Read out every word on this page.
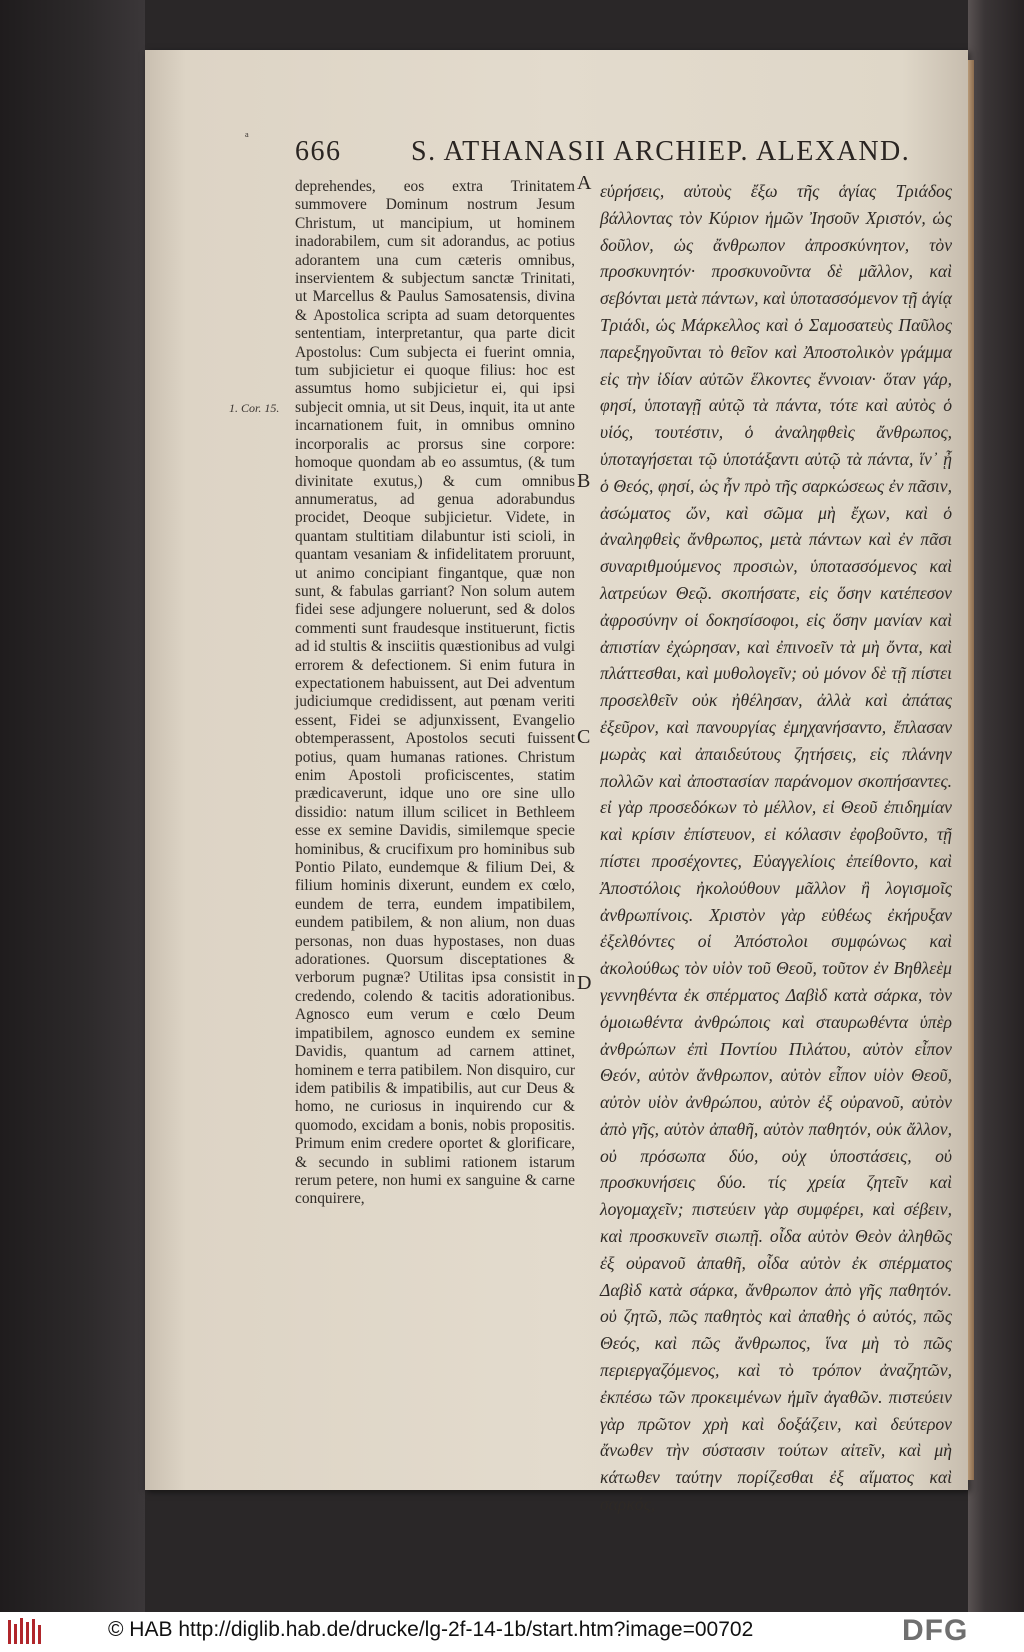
ᵃ 666 S. ATHANASII ARCHIEP. ALEXAND.
1. Cor. 15.

deprehendes, eos extra Trinitatem summovere Dominum nostrum Jesum Christum, ut mancipium, ut hominem inadorabilem, cum sit adorandus, ac potius adorantem una cum cæteris omnibus, inservientem & subjectum sanctæ Trinitati, ut Marcellus & Paulus Samosatensis, divina & Apostolica scripta ad suam detorquentes sententiam, interpretantur, qua parte dicit Apostolus: Cum subjecta ei fuerint omnia, tum subjicietur ei quoque filius: hoc est assumtus homo subjicietur ei, qui ipsi subjecit omnia, ut sit Deus, inquit, ita ut ante incarnationem fuit, in omnibus omnino incorporalis ac prorsus sine corpore: homoque quondam ab eo assumtus, (& tum divinitate exutus,) & cum omnibus annumeratus, ad genua adorabundus procidet, Deoque subjicietur. Videte, in quantam stultitiam dilabuntur isti scioli, in quantam vesaniam & infidelitatem proruunt, ut animo concipiant fingantque, quæ non sunt, & fabulas garriant? Non solum autem fidei sese adjungere noluerunt, sed & dolos commenti sunt fraudesque instituerunt, fictis ad id stultis & insciitis quæstionibus ad vulgi errorem & defectionem. Si enim futura in expectationem habuissent, aut Dei adventum judiciumque credidissent, aut pœnam veriti essent, Fidei se adjunxissent, Evangelio obtemperassent, Apostolos secuti fuissent potius, quam humanas rationes. Christum enim Apostoli proficiscentes, statim prædicaverunt, idque uno ore sine ullo dissidio: natum illum scilicet in Bethleem esse ex semine Davidis, similemque specie hominibus, & crucifixum pro hominibus sub Pontio Pilato, eundemque & filium Dei, & filium hominis dixerunt, eundem ex cœlo, eundem de terra, eundem impatibilem, eundem patibilem, & non alium, non duas personas, non duas hypostases, non duas adorationes. Quorsum disceptationes & verborum pugnæ? Utilitas ipsa consistit in credendo, colendo & tacitis adorationibus. Agnosco eum verum e cœlo Deum impatibilem, agnosco eundem ex semine Davidis, quantum ad carnem attinet, hominem e terra patibilem. Non disquiro, cur idem patibilis & impatibilis, aut cur Deus & homo, ne curiosus in inquirendo cur & quomodo, excidam a bonis, nobis propositis. Primum enim credere oportet & glorificare, & secundo in sublimi rationem istarum rerum petere, non humi ex sanguine & carne conquirere,

A
B
C
D

εὑρήσεις, αὐτοὺς ἔξω τῆς ἁγίας Τριάδος βάλλοντας τὸν Κύριον ἡμῶν Ἰησοῦν Χριστόν, ὡς δοῦλον, ὡς ἄνθρωπον ἀπροσκύνητον, τὸν προσκυνητόν· προσκυνοῦντα δὲ μᾶλλον, καὶ σεβόνται μετὰ πάντων, καὶ ὑποτασσόμενον τῇ ἁγίᾳ Τριάδι, ὡς Μάρκελλος καὶ ὁ Σαμοσατεὺς Παῦλος παρεξηγοῦνται τὸ θεῖον καὶ Ἀποστολικὸν γράμμα εἰς τὴν ἰδίαν αὐτῶν ἕλκοντες ἔννοιαν· ὅταν γάρ, φησί, ὑποταγῇ αὐτῷ τὰ πάντα, τότε καὶ αὐτὸς ὁ υἱός, τουτέστιν, ὁ ἀναληφθεὶς ἄνθρωπος, ὑποταγήσεται τῷ ὑποτάξαντι αὐτῷ τὰ πάντα, ἵν᾽ ᾖ ὁ Θεός, φησί, ὡς ἦν πρὸ τῆς σαρκώσεως ἐν πᾶσιν, ἀσώματος ὤν, καὶ σῶμα μὴ ἔχων, καὶ ὁ ἀναληφθεὶς ἄνθρωπος, μετὰ πάντων καὶ ἐν πᾶσι συναριθμούμενος προσιὼν, ὑποτασσόμενος καὶ λατρεύων Θεῷ. σκοπήσατε, εἰς ὅσην κατέπεσον ἀφροσύνην οἱ δοκησίσοφοι, εἰς ὅσην μανίαν καὶ ἀπιστίαν ἐχώρησαν, καὶ ἐπινοεῖν τὰ μὴ ὄντα, καὶ πλάττεσθαι, καὶ μυθολογεῖν; οὐ μόνον δὲ τῇ πίστει προσελθεῖν οὐκ ἠθέλησαν, ἀλλὰ καὶ ἀπάτας ἐξεῦρον, καὶ πανουργίας ἐμηχανήσαντο, ἔπλασαν μωρὰς καὶ ἀπαιδεύτους ζητήσεις, εἰς πλάνην πολλῶν καὶ ἀποστασίαν παράνομον σκοπήσαντες. εἰ γὰρ προσεδόκων τὸ μέλλον, εἰ Θεοῦ ἐπιδημίαν καὶ κρίσιν ἐπίστευον, εἰ κόλασιν ἐφοβοῦντο, τῇ πίστει προσέχοντες, Εὐαγγελίοις ἐπείθοντο, καὶ Ἀποστόλοις ἠκολούθουν μᾶλλον ἢ λογισμοῖς ἀνθρωπίνοις. Χριστὸν γὰρ εὐθέως ἐκήρυξαν ἐξελθόντες οἱ Ἀπόστολοι συμφώνως καὶ ἀκολούθως τὸν υἱὸν τοῦ Θεοῦ, τοῦτον ἐν Βηθλεὲμ γεννηθέντα ἐκ σπέρματος Δαβὶδ κατὰ σάρκα, τὸν ὁμοιωθέντα ἀνθρώποις καὶ σταυρωθέντα ὑπὲρ ἀνθρώπων ἐπὶ Ποντίου Πιλάτου, αὐτὸν εἶπον Θεόν, αὐτὸν ἄνθρωπον, αὐτὸν εἶπον υἱὸν Θεοῦ, αὐτὸν υἱὸν ἀνθρώπου, αὐτὸν ἐξ οὐρανοῦ, αὐτὸν ἀπὸ γῆς, αὐτὸν ἀπαθῆ, αὐτὸν παθητόν, οὐκ ἄλλον, οὐ πρόσωπα δύο, οὐχ ὑποστάσεις, οὐ προσκυνήσεις δύο. τίς χρεία ζητεῖν καὶ λογομαχεῖν; πιστεύειν γὰρ συμφέρει, καὶ σέβειν, καὶ προσκυνεῖν σιωπῇ. οἶδα αὐτὸν Θεὸν ἀληθῶς ἐξ οὐρανοῦ ἀπαθῆ, οἶδα αὐτὸν ἐκ σπέρματος Δαβὶδ κατὰ σάρκα, ἄνθρωπον ἀπὸ γῆς παθητόν. οὐ ζητῶ, πῶς παθητὸς καὶ ἀπαθὴς ὁ αὐτός, πῶς Θεός, καὶ πῶς ἄνθρωπος, ἵνα μὴ τὸ πῶς περιεργαζόμενος, καὶ τὸ τρόπον ἀναζητῶν, ἐκπέσω τῶν προκειμένων ἡμῖν ἀγαθῶν. πιστεύειν γὰρ πρῶτον χρὴ καὶ δοξάζειν, καὶ δεύτερον ἄνωθεν τὴν σύστασιν τούτων αἰτεῖν, καὶ μὴ κάτωθεν ταύτην πορίζεσθαι ἐξ αἵματος καὶ σαρκός,

© HAB http://diglib.hab.de/drucke/lg-2f-14-1b/start.htm?image=00702	DFG
